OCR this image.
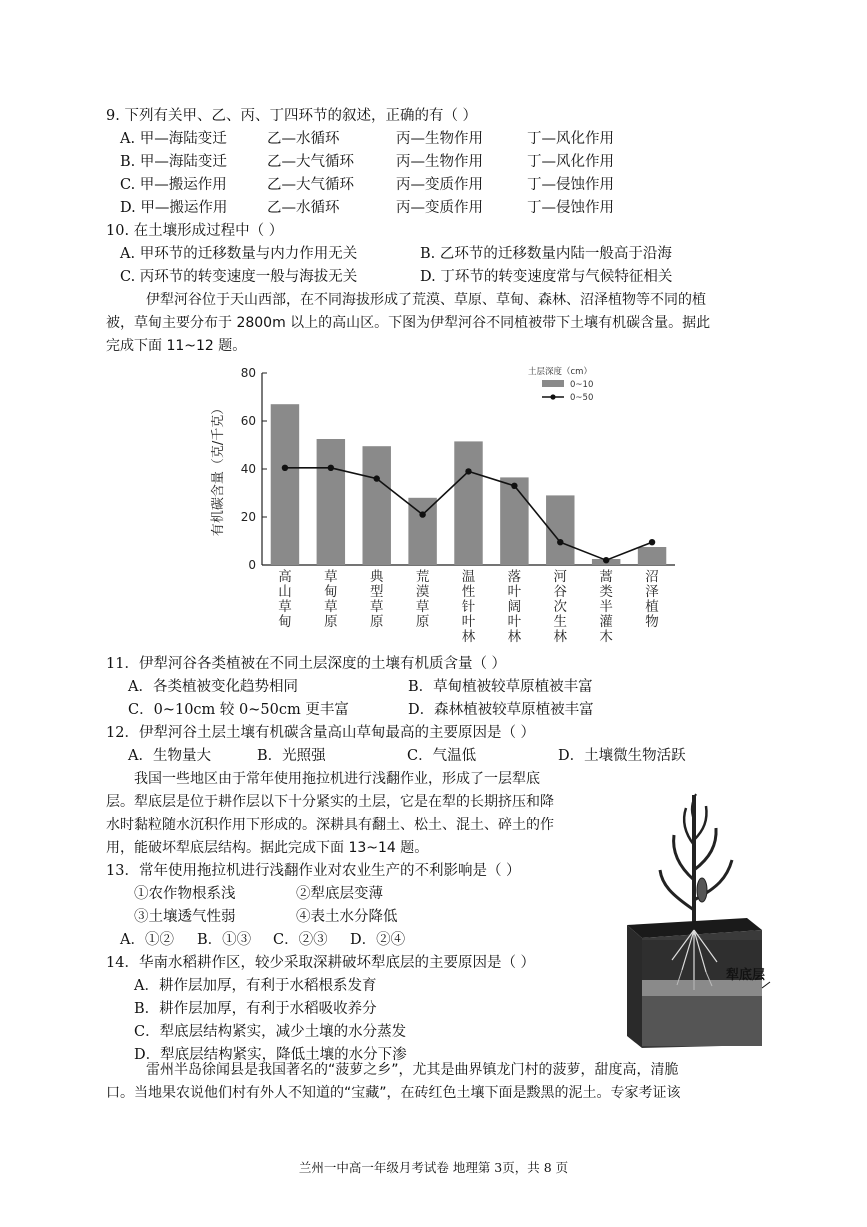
9. 下列有关甲、乙、丙、丁四环节的叙述，正确的有（ ）
A. 甲—海陆变迁	乙—水循环	丙—生物作用	丁—风化作用
B. 甲—海陆变迁	乙—大气循环	丙—生物作用	丁—风化作用
C. 甲—搬运作用	乙—大气循环	丙—变质作用	丁—侵蚀作用
D. 甲—搬运作用	乙—水循环	丙—变质作用	丁—侵蚀作用
10. 在土壤形成过程中（ ）
A. 甲环节的迁移数量与内力作用无关	B. 乙环节的迁移数量内陆一般高于沿海
C. 丙环节的转变速度一般与海拔无关	D. 丁环节的转变速度常与气候特征相关
伊犁河谷位于天山西部，在不同海拔形成了荒漠、草原、草甸、森林、沼泽植物等不同的植
被，草甸主要分布于 2800m 以上的高山区。下图为伊犁河谷不同植被带下土壤有机碳含量。据此
完成下面 11~12 题。
0
20
40
60
80
有机碳含量（克/千克）
高山草甸
草甸草原
典型草原
荒漠草原
温性针叶林
落叶阔叶林
河谷次生林
蒿类半灌木
沼泽植物
土层深度（cm）
0~10
0~50
11．伊犁河谷各类植被在不同土层深度的土壤有机质含量（ ）
A．各类植被变化趋势相同	B．草甸植被较草原植被丰富
C．0~10cm 较 0~50cm 更丰富	D．森林植被较草原植被丰富
12．伊犁河谷土层土壤有机碳含量高山草甸最高的主要原因是（ ）
A．生物量大	B．光照强	C．气温低	D．土壤微生物活跃
我国一些地区由于常年使用拖拉机进行浅翻作业，形成了一层犁底
层。犁底层是位于耕作层以下十分紧实的土层，它是在犁的长期挤压和降
水时黏粒随水沉积作用下形成的。深耕具有翻土、松土、混土、碎土的作
用，能破坏犁底层结构。据此完成下面 13~14 题。
13．常年使用拖拉机进行浅翻作业对农业生产的不利影响是（ ）
①农作物根系浅	②犁底层变薄
③土壤透气性弱	④表土水分降低
A．①② B．①③ C．②③ D．②④
14．华南水稻耕作区，较少采取深耕破坏犁底层的主要原因是（ ）
A．耕作层加厚，有利于水稻根系发育
B．耕作层加厚，有利于水稻吸收养分
C．犁底层结构紧实，减少土壤的水分蒸发
D．犁底层结构紧实，降低土壤的水分下渗
犁底层
雷州半岛徐闻县是我国著名的“菠萝之乡”，尤其是曲界镇龙门村的菠萝，甜度高，清脆
口。当地果农说他们村有外人不知道的“宝藏”，在砖红色土壤下面是黢黑的泥土。专家考证该
兰州一中高一年级月考试卷 地理第 3页，共 8 页
